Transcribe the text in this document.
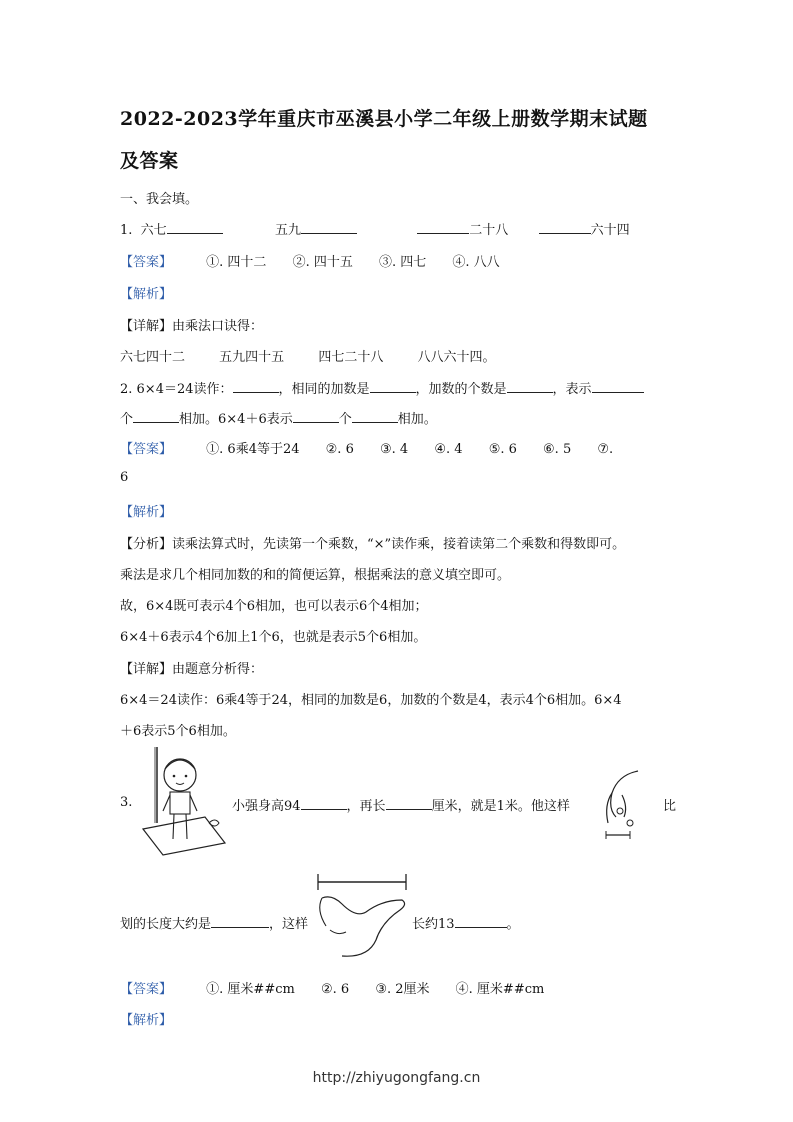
2022-2023学年重庆市巫溪县小学二年级上册数学期末试题
及答案
一、我会填。
1. 六七	五九	二十八	六十四
【答案】	①. 四十二 ②. 四十五 ③. 四七 ④. 八八
【解析】
【详解】由乘法口诀得：
六七四十二	五九四十五	四七二十八	八八六十四。
2. 6×4＝24读作：	，相同的加数是	，加数的个数是	，表示
个	相加。6×4＋6表示	个	相加。
【答案】	①. 6乘4等于24 ②. 6 ③. 4 ④. 4 ⑤. 6 ⑥. 5 ⑦.
6
【解析】
【分析】读乘法算式时，先读第一个乘数，“×”读作乘，接着读第二个乘数和得数即可。
乘法是求几个相同加数的和的简便运算，根据乘法的意义填空即可。
故，6×4既可表示4个6相加，也可以表示6个4相加；
6×4＋6表示4个6加上1个6，也就是表示5个6相加。
【详解】由题意分析得：
6×4＝24读作：6乘4等于24，相同的加数是6，加数的个数是4，表示4个6相加。6×4
＋6表示5个6相加。
3.	小强身高94	，再长	厘米，就是1米。他这样	比
划的长度大约是	，这样	长约13	。
【答案】	①. 厘米##cm ②. 6 ③. 2厘米 ④. 厘米##cm
【解析】
http://zhiyugongfang.cn
